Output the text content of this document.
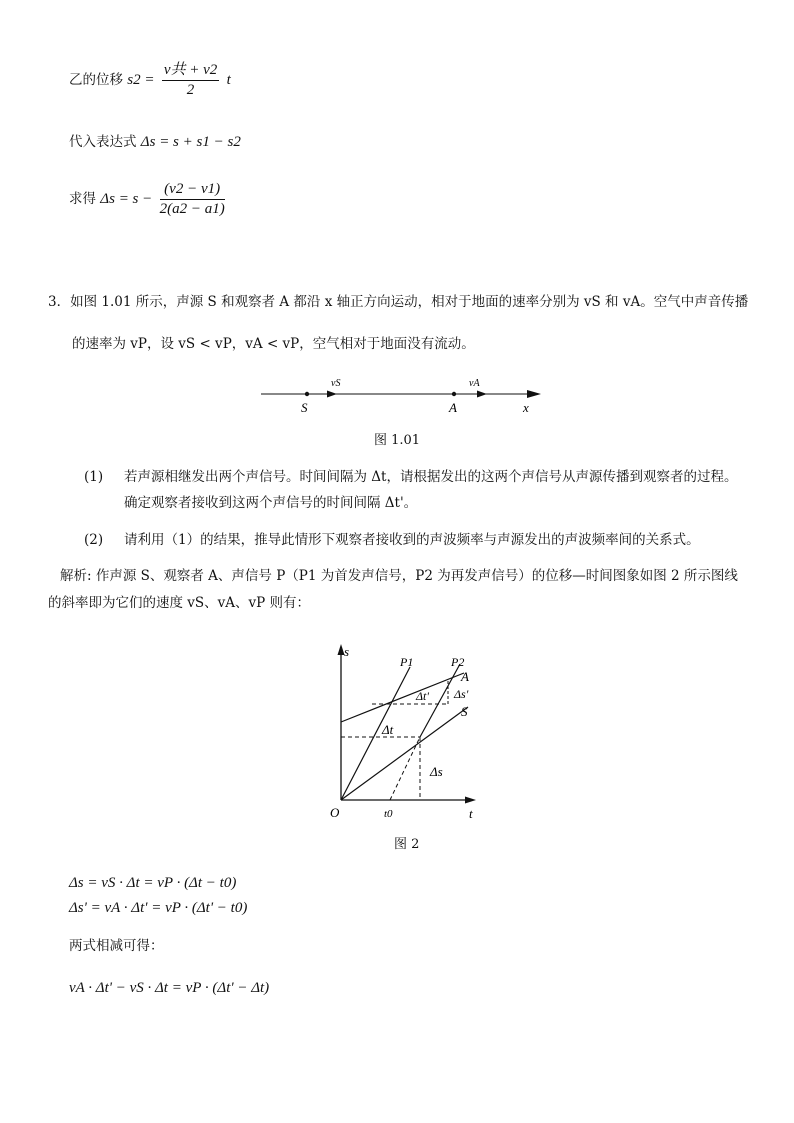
乙的位移 $s2 = \frac{\text{v共 + v2}}{2}$ t
代入表达式 Δs = s + s1 − s2
求得 $\Delta s = s - \frac{(v2 - v1)}{2(a2 - a1)}$
3．如图 1.01 所示，声源 S 和观察者 A 都沿 x 轴正方向运动，相对于地面的速率分别为 vS 和 vA。空气中声音传播
的速率为 vP，设 vS < vP，vA < vP，空气相对于地面没有流动。
vS	vA
S	A	x
图 1.01
(1) 若声源相继发出两个声信号。时间间隔为 Δt，请根据发出的这两个声信号从声源传播到观察者的过程。
确定观察者接收到这两个声信号的时间间隔 Δt'。
(2) 请利用（1）的结果，推导此情形下观察者接收到的声波频率与声源发出的声波频率间的关系式。
解析: 作声源 S、观察者 A、声信号 P（P1 为首发声信号，P2 为再发声信号）的位移—时间图象如图 2 所示图线
的斜率即为它们的速度 vS、vA、vP 则有：
s
t
O	t0
P1	P2
A
S
Δt
Δt' Δs'
Δs
图 2
Δs = vS · Δt = vP · (Δt − t0)
Δs' = vA · Δt' = vP · (Δt' − t0)
两式相减可得：
vA · Δt' − vS · Δt = vP · (Δt' − Δt)
